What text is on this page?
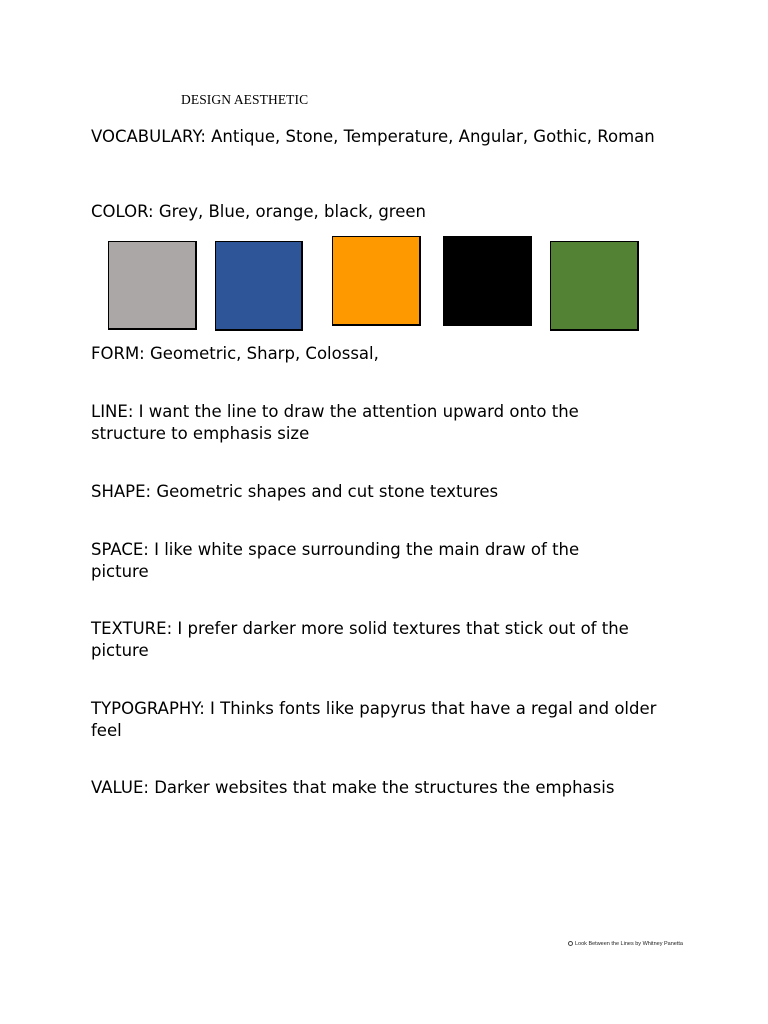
DESIGN AESTHETIC

VOCABULARY: Antique, Stone, Temperature, Angular, Gothic, Roman

COLOR: Grey, Blue, orange, black, green

FORM: Geometric, Sharp, Colossal,

LINE: I want the line to draw the attention upward onto the structure to emphasis size

SHAPE: Geometric shapes and cut stone textures

SPACE: I like white space surrounding the main draw of the picture

TEXTURE: I prefer darker more solid textures that stick out of the picture

TYPOGRAPHY: I Thinks fonts like papyrus that have a regal and older feel

VALUE: Darker websites that make the structures the emphasis

Look Between the Lines by Whitney Panetta
